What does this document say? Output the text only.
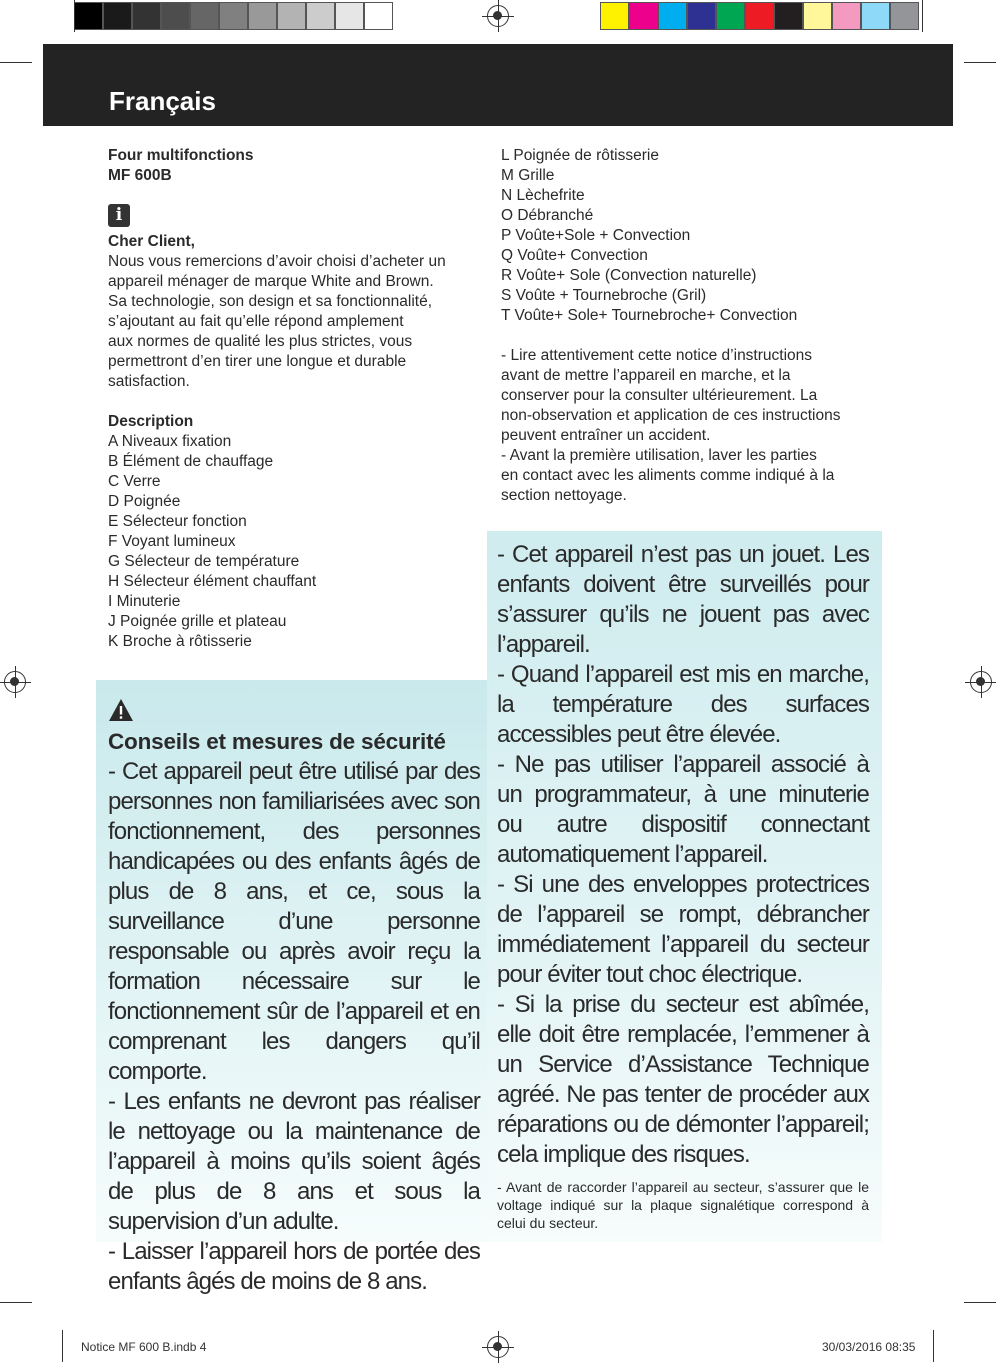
Français
Four multifonctions
MF 600B
i
Cher Client,
Nous vous remercions d’avoir choisi d’acheter un
appareil ménager de marque White and Brown.
Sa technologie, son design et sa fonctionnalité,
s’ajoutant au fait qu’elle répond amplement
aux normes de qualité les plus strictes, vous
permettront d’en tirer une longue et durable
satisfaction.
Description
A Niveaux fixation
B Élément de chauffage
C Verre
D Poignée
E Sélecteur fonction
F Voyant lumineux
G Sélecteur de température
H Sélecteur élément chauffant
I Minuterie
J Poignée grille et plateau
K Broche à rôtisserie
L Poignée de rôtisserie
M Grille
N Lèchefrite
O Débranché
P Voûte+Sole + Convection
Q Voûte+ Convection
R Voûte+ Sole (Convection naturelle)
S Voûte + Tournebroche (Gril)
T Voûte+ Sole+ Tournebroche+ Convection
- Lire attentivement cette notice d’instructions
avant de mettre l’appareil en marche, et la
conserver pour la consulter ultérieurement. La
non-observation et application de ces instructions
peuvent entraîner un accident.
- Avant la première utilisation, laver les parties
en contact avec les aliments comme indiqué à la
section nettoyage.
Conseils et mesures de sécurité
- Cet appareil peut être utilisé par des personnes non familiarisées avec son fonctionnement, des personnes handicapées ou des enfants âgés de plus de 8 ans, et ce, sous la surveillance d’une personne responsable ou après avoir reçu la formation nécessaire sur le fonctionnement sûr de l’appareil et en comprenant les dangers qu’il comporte.
- Les enfants ne devront pas réaliser le nettoyage ou la maintenance de l’appareil à moins qu’ils soient âgés de plus de 8 ans et sous la supervision d’un adulte.
- Laisser l’appareil hors de portée des enfants âgés de moins de 8 ans.
- Cet appareil n’est pas un jouet. Les enfants doivent être surveillés pour s’assurer qu’ils ne jouent pas avec l’appareil.
- Quand l’appareil est mis en marche, la température des surfaces accessibles peut être élevée.
- Ne pas utiliser l’appareil associé à un programmateur, à une minuterie ou autre dispositif connectant automatiquement l’appareil.
- Si une des enveloppes protectrices de l’appareil se rompt, débrancher immédiatement l’appareil du secteur pour éviter tout choc électrique.
- Si la prise du secteur est abîmée, elle doit être remplacée, l’emmener à un Service d’Assistance Technique agréé. Ne pas tenter de procéder aux réparations ou de démonter l’appareil; cela implique des risques.
- Avant de raccorder l’appareil au secteur, s’assurer que le voltage indiqué sur la plaque signalétique correspond à celui du secteur.
Notice MF 600 B.indb 4	30/03/2016 08:35
